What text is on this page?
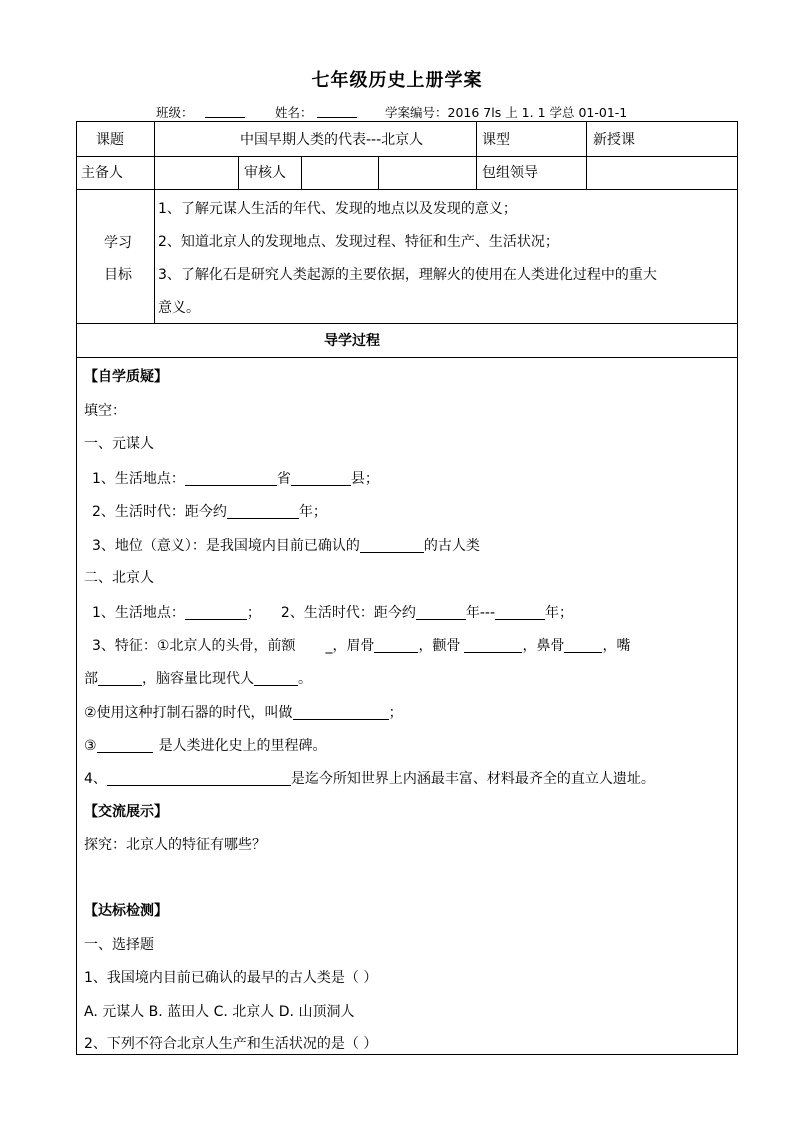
七年级历史上册学案
班级：	姓名：	学案编号：2016 7ls 上 1. 1 学总 01-01-1
课题	中国早期人类的代表---北京人	课型	新授课
主备人	审核人	包组领导
学习
目标
1、了解元谋人生活的年代、发现的地点以及发现的意义；
2、知道北京人的发现地点、发现过程、特征和生产、生活状况；
3、了解化石是研究人类起源的主要依据，理解火的使用在人类进化过程中的重大
意义。
导学过程
【自学质疑】
填空：
一、元谋人
1、生活地点：	省	县；
2、生活时代：距今约	年；
3、地位（意义）：是我国境内目前已确认的	的古人类
二、北京人
1、生活地点：	； 2、生活时代：距今约	年---	年；
3、特征：①北京人的头骨，前额 _，眉骨	，颧骨	，鼻骨	，嘴
部	，脑容量比现代人	。
②使用这种打制石器的时代，叫做	；
③	是人类进化史上的里程碑。
4、	是迄今所知世界上内涵最丰富、材料最齐全的直立人遗址。
【交流展示】
探究：北京人的特征有哪些？
【达标检测】
一、选择题
1、我国境内目前已确认的最早的古人类是（ ）
A. 元谋人 B. 蓝田人 C. 北京人 D. 山顶洞人
2、下列不符合北京人生产和生活状况的是（ ）
